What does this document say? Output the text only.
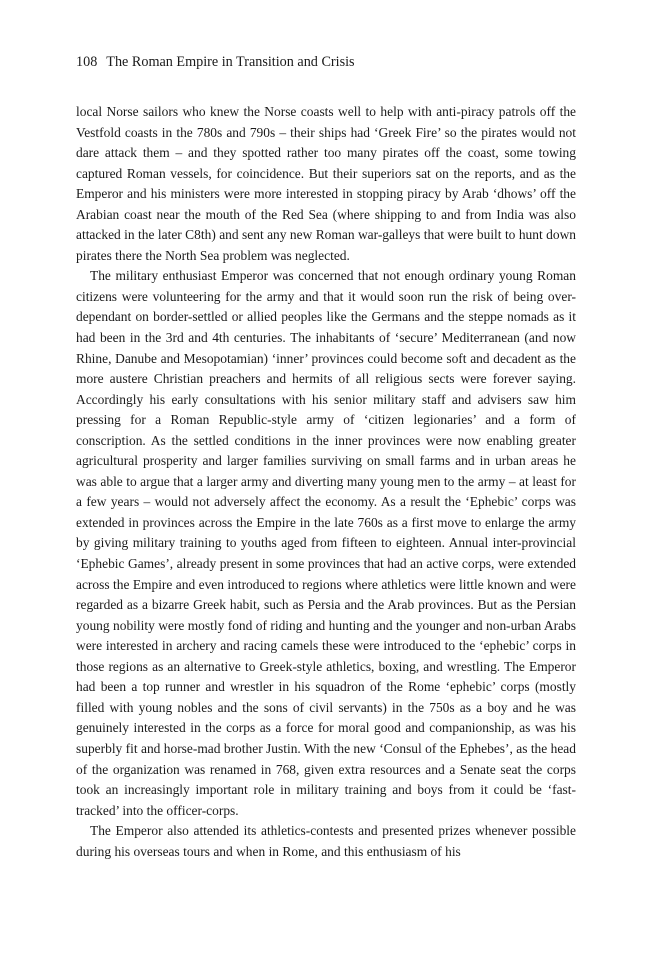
108 The Roman Empire in Transition and Crisis

local Norse sailors who knew the Norse coasts well to help with anti-piracy patrols off the Vestfold coasts in the 780s and 790s – their ships had ‘Greek Fire’ so the pirates would not dare attack them – and they spotted rather too many pirates off the coast, some towing captured Roman vessels, for coincidence. But their superiors sat on the reports, and as the Emperor and his ministers were more interested in stopping piracy by Arab ‘dhows’ off the Arabian coast near the mouth of the Red Sea (where shipping to and from India was also attacked in the later C8th) and sent any new Roman war-galleys that were built to hunt down pirates there the North Sea problem was neglected.

The military enthusiast Emperor was concerned that not enough ordinary young Roman citizens were volunteering for the army and that it would soon run the risk of being over-dependant on border-settled or allied peoples like the Germans and the steppe nomads as it had been in the 3rd and 4th centuries. The inhabitants of ‘secure’ Mediterranean (and now Rhine, Danube and Mesopotamian) ‘inner’ provinces could become soft and decadent as the more austere Christian preachers and hermits of all religious sects were forever saying. Accordingly his early consultations with his senior military staff and advisers saw him pressing for a Roman Republic-style army of ‘citizen legionaries’ and a form of conscription. As the settled conditions in the inner provinces were now enabling greater agricultural prosperity and larger families surviving on small farms and in urban areas he was able to argue that a larger army and diverting many young men to the army – at least for a few years – would not adversely affect the economy. As a result the ‘Ephebic’ corps was extended in provinces across the Empire in the late 760s as a first move to enlarge the army by giving military training to youths aged from fifteen to eighteen. Annual inter-provincial ‘Ephebic Games’, already present in some provinces that had an active corps, were extended across the Empire and even introduced to regions where athletics were little known and were regarded as a bizarre Greek habit, such as Persia and the Arab provinces. But as the Persian young nobility were mostly fond of riding and hunting and the younger and non-urban Arabs were interested in archery and racing camels these were introduced to the ‘ephebic’ corps in those regions as an alternative to Greek-style athletics, boxing, and wrestling. The Emperor had been a top runner and wrestler in his squadron of the Rome ‘ephebic’ corps (mostly filled with young nobles and the sons of civil servants) in the 750s as a boy and he was genuinely interested in the corps as a force for moral good and companionship, as was his superbly fit and horse-mad brother Justin. With the new ‘Consul of the Ephebes’, as the head of the organization was renamed in 768, given extra resources and a Senate seat the corps took an increasingly important role in military training and boys from it could be ‘fast-tracked’ into the officer-corps.

The Emperor also attended its athletics-contests and presented prizes whenever possible during his overseas tours and when in Rome, and this enthusiasm of his
